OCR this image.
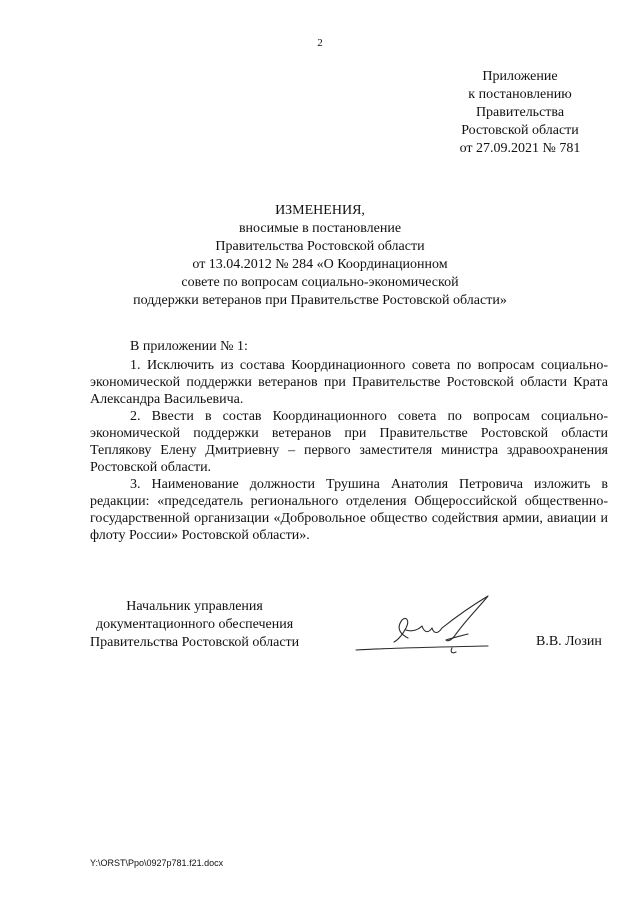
2
Приложение
к постановлению
Правительства
Ростовской области
от 27.09.2021 № 781
ИЗМЕНЕНИЯ,
вносимые в постановление
Правительства Ростовской области
от 13.04.2012 № 284 «О Координационном
совете по вопросам социально-экономической
поддержки ветеранов при Правительстве Ростовской области»

В приложении № 1:

1. Исключить из состава Координационного совета по вопросам социально-экономической поддержки ветеранов при Правительстве Ростовской области Крата Александра Васильевича.

2. Ввести в состав Координационного совета по вопросам социально-экономической поддержки ветеранов при Правительстве Ростовской области Теплякову Елену Дмитриевну – первого заместителя министра здравоохранения Ростовской области.

3. Наименование должности Трушина Анатолия Петровича изложить в редакции: «председатель регионального отделения Общероссийской общественно-государственной организации «Добровольное общество содействия армии, авиации и флоту России» Ростовской области».

Начальник управления
документационного обеспечения
Правительства Ростовской области	В.В. Лозин
Y:\ORST\Ppo\0927p781.f21.docx
